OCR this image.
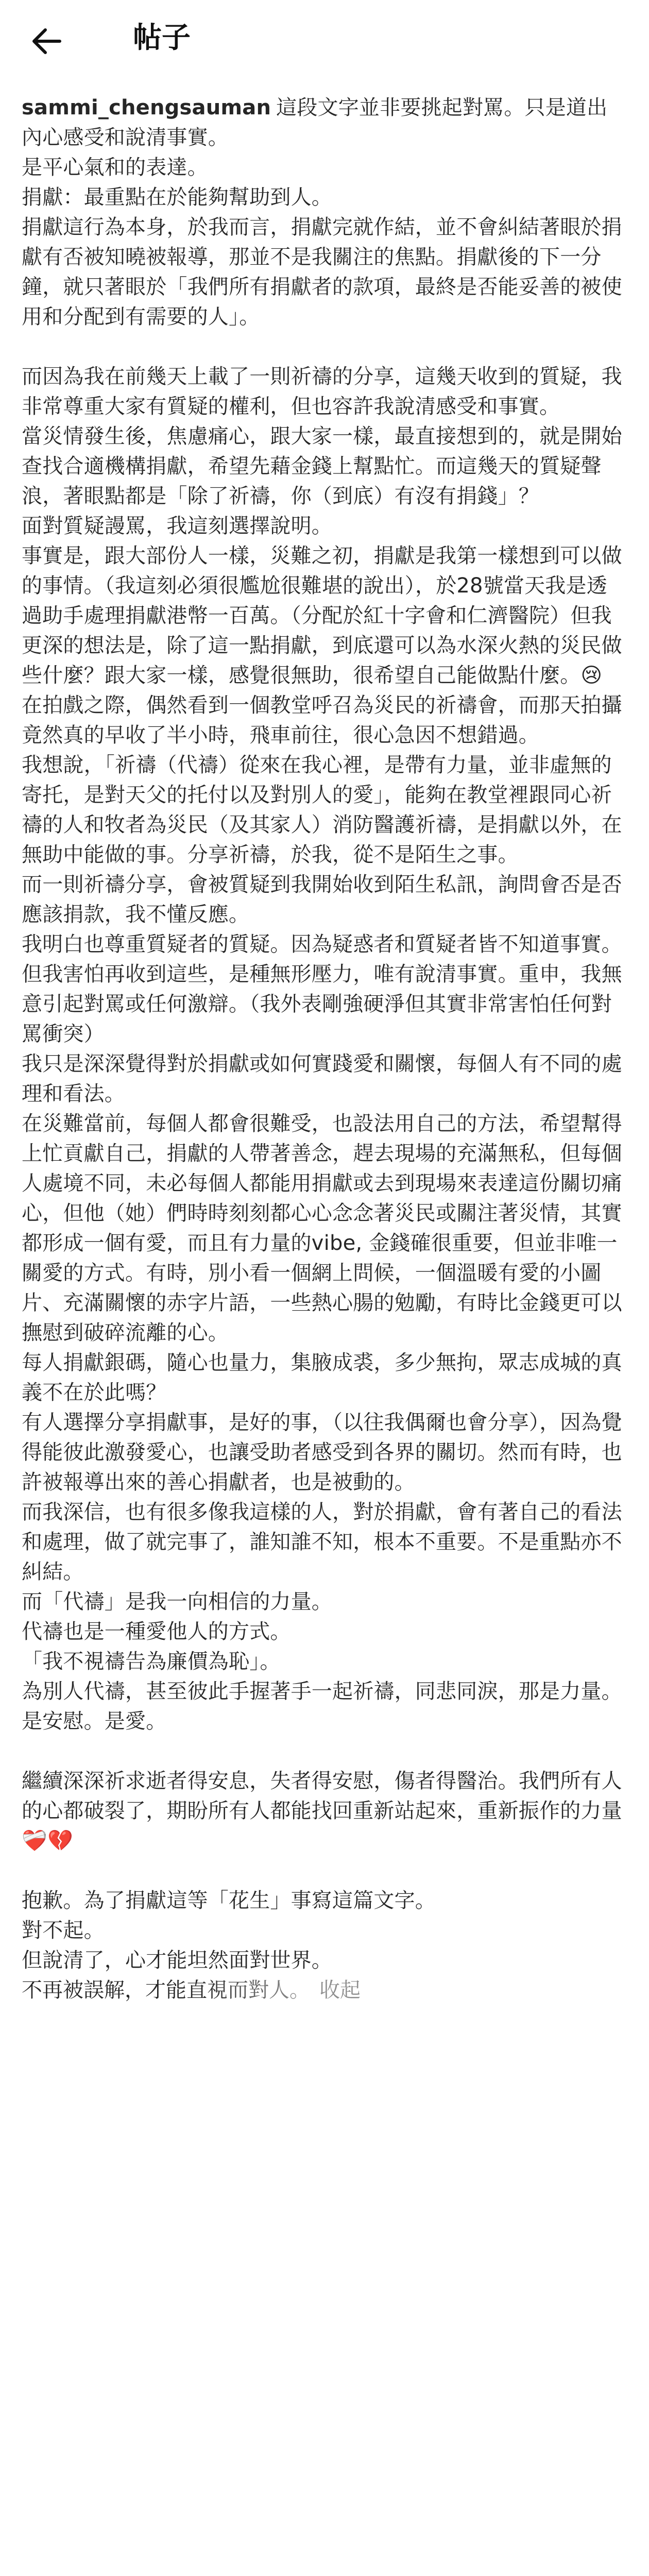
帖子

sammi_chengsauman 這段文字並非要挑起對罵。只是道出內心感受和說清事實。

是平心氣和的表達。

捐獻：最重點在於能夠幫助到人。

捐獻這行為本身，於我而言，捐獻完就作結，並不會糾結著眼於捐獻有否被知曉被報導，那並不是我關注的焦點。捐獻後的下一分鐘，就只著眼於「我們所有捐獻者的款項，最終是否能妥善的被使用和分配到有需要的人」。

而因為我在前幾天上載了一則祈禱的分享，這幾天收到的質疑，我非常尊重大家有質疑的權利，但也容許我說清感受和事實。

當災情發生後，焦慮痛心，跟大家一樣，最直接想到的，就是開始查找合適機構捐獻，希望先藉金錢上幫點忙。而這幾天的質疑聲浪，著眼點都是「除了祈禱，你（到底）有沒有捐錢」？

面對質疑謾罵，我這刻選擇說明。

事實是，跟大部份人一樣，災難之初，捐獻是我第一樣想到可以做的事情。（我這刻必須很尷尬很難堪的說出），於28號當天我是透過助手處理捐獻港幣一百萬。（分配於紅十字會和仁濟醫院）但我更深的想法是，除了這一點捐獻，到底還可以為水深火熱的災民做些什麼？跟大家一樣，感覺很無助，很希望自己能做點什麼。😢

在拍戲之際，偶然看到一個教堂呼召為災民的祈禱會，而那天拍攝竟然真的早收了半小時，飛車前往，很心急因不想錯過。

我想說，「祈禱（代禱）從來在我心裡，是帶有力量，並非虛無的寄托，是對天父的托付以及對別人的愛」，能夠在教堂裡跟同心祈禱的人和牧者為災民（及其家人）消防醫護祈禱，是捐獻以外，在無助中能做的事。分享祈禱，於我，從不是陌生之事。

而一則祈禱分享，會被質疑到我開始收到陌生私訊，詢問會否是否應該捐款，我不懂反應。

我明白也尊重質疑者的質疑。因為疑惑者和質疑者皆不知道事實。

但我害怕再收到這些，是種無形壓力，唯有說清事實。重申，我無意引起對罵或任何激辯。（我外表剛強硬淨但其實非常害怕任何對罵衝突）

我只是深深覺得對於捐獻或如何實踐愛和關懷，每個人有不同的處理和看法。

在災難當前，每個人都會很難受，也設法用自己的方法，希望幫得上忙貢獻自己，捐獻的人帶著善念，趕去現場的充滿無私，但每個人處境不同，未必每個人都能用捐獻或去到現場來表達這份關切痛心，但他（她）們時時刻刻都心心念念著災民或關注著災情，其實都形成一個有愛，而且有力量的vibe, 金錢確很重要，但並非唯一關愛的方式。有時，別小看一個網上問候，一個溫暖有愛的小圖片、充滿關懷的赤字片語，一些熱心腸的勉勵，有時比金錢更可以撫慰到破碎流離的心。

每人捐獻銀碼，隨心也量力，集腋成裘，多少無拘，眾志成城的真義不在於此嗎？

有人選擇分享捐獻事，是好的事，（以往我偶爾也會分享），因為覺得能彼此激發愛心，也讓受助者感受到各界的關切。然而有時，也許被報導出來的善心捐獻者，也是被動的。

而我深信，也有很多像我這樣的人，對於捐獻，會有著自己的看法和處理，做了就完事了，誰知誰不知，根本不重要。不是重點亦不糾結。

而「代禱」是我一向相信的力量。

代禱也是一種愛他人的方式。

「我不視禱告為廉價為恥」。

為別人代禱，甚至彼此手握著手一起祈禱，同悲同淚，那是力量。是安慰。是愛。

繼續深深祈求逝者得安息，失者得安慰，傷者得醫治。我們所有人的心都破裂了，期盼所有人都能找回重新站起來，重新振作的力量❤️‍🩹💔

抱歉。為了捐獻這等「花生」事寫這篇文字。

對不起。

但說清了，心才能坦然面對世界。

不再被誤解，才能直視而對人。 收起
